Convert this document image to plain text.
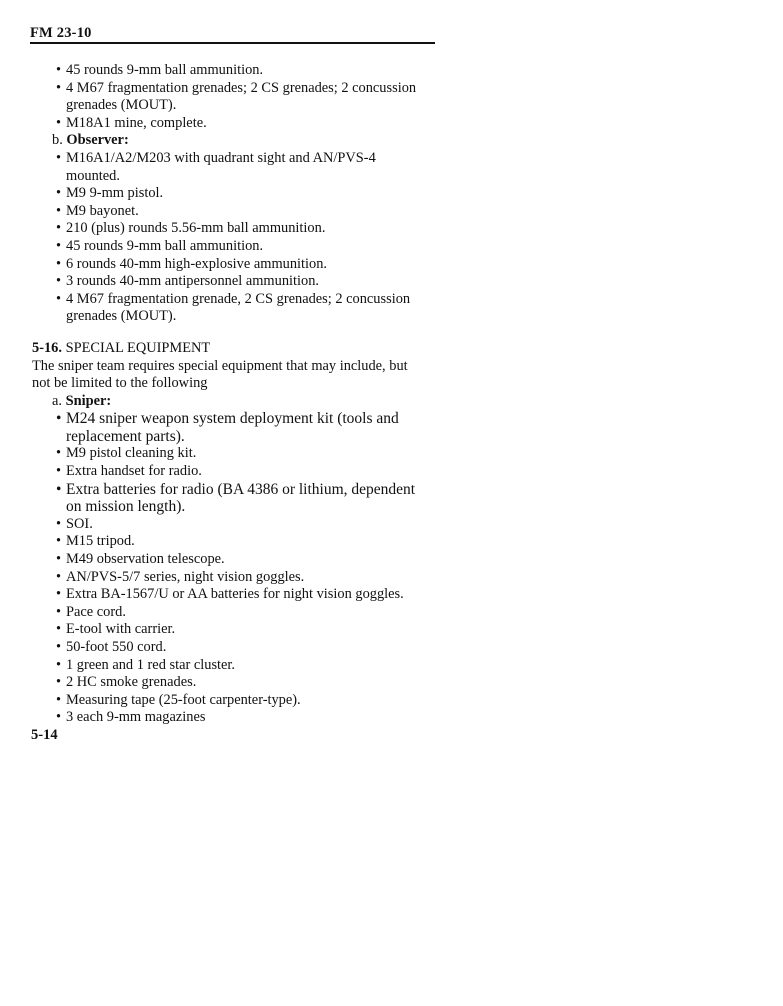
FM 23-10
• 45 rounds 9-mm ball ammunition.
• 4 M67 fragmentation grenades; 2 CS grenades; 2 concussion grenades (MOUT).
• M18A1 mine, complete.
b. Observer:
• M16A1/A2/M203 with quadrant sight and AN/PVS-4 mounted.
• M9 9-mm pistol.
• M9 bayonet.
• 210 (plus) rounds 5.56-mm ball ammunition.
• 45 rounds 9-mm ball ammunition.
• 6 rounds 40-mm high-explosive ammunition.
• 3 rounds 40-mm antipersonnel ammunition.
• 4 M67 fragmentation grenade, 2 CS grenades; 2 concussion grenades (MOUT).
5-16. SPECIAL EQUIPMENT

The sniper team requires special equipment that may include, but not be limited to the following

a. Sniper:
• M24 sniper weapon system deployment kit (tools and replacement parts).
• M9 pistol cleaning kit.
• Extra handset for radio.
• Extra batteries for radio (BA 4386 or lithium, dependent on mission length).
• SOI.
• M15 tripod.
• M49 observation telescope.
• AN/PVS-5/7 series, night vision goggles.
• Extra BA-1567/U or AA batteries for night vision goggles.
• Pace cord.
• E-tool with carrier.
• 50-foot 550 cord.
• 1 green and 1 red star cluster.
• 2 HC smoke grenades.
• Measuring tape (25-foot carpenter-type).
• 3 each 9-mm magazines
5-14
